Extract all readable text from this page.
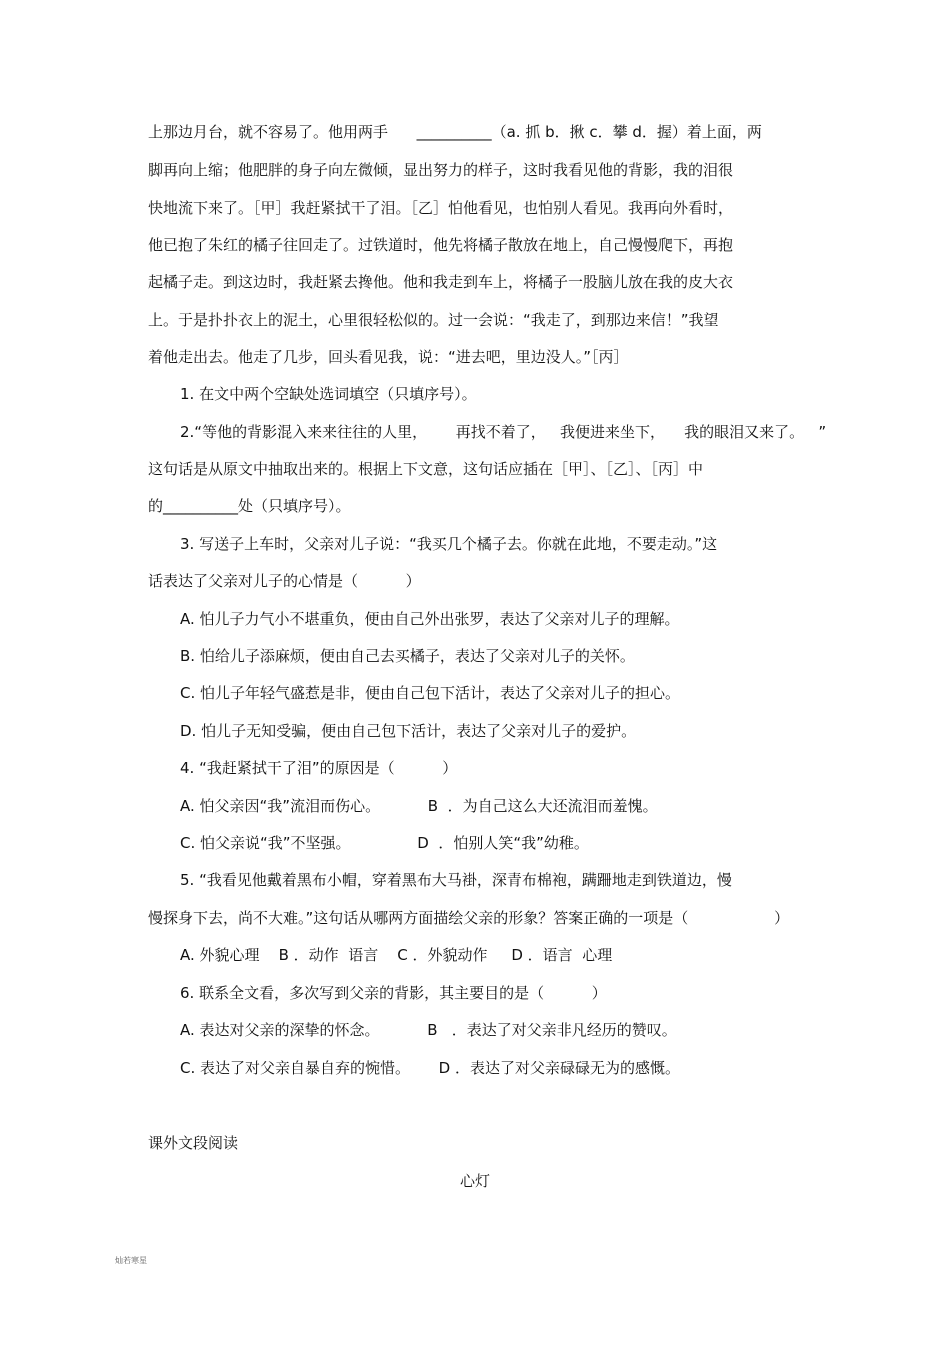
上那边月台，就不容易了。他用两手      __________（a. 抓 b．揪 c．攀 d．握）着上面，两
脚再向上缩；他肥胖的身子向左微倾，显出努力的样子，这时我看见他的背影，我的泪很
快地流下来了。［甲］我赶紧拭干了泪。［乙］怕他看见，也怕别人看见。我再向外看时，
他已抱了朱红的橘子往回走了。过铁道时，他先将橘子散放在地上，自己慢慢爬下，再抱
起橘子走。到这边时，我赶紧去搀他。他和我走到车上，将橘子一股脑儿放在我的皮大衣
上。于是扑扑衣上的泥土，心里很轻松似的。过一会说：“我走了，到那边来信！”我望
着他走出去。他走了几步，回头看见我，说：“进去吧，里边没人。”［丙］
1. 在文中两个空缺处选词填空（只填序号）。
2.“等他的背影混入来来往往的人里，      再找不着了，   我便进来坐下，    我的眼泪又来了。   ”
这句话是从原文中抽取出来的。根据上下文意，这句话应插在［甲］、［乙］、［丙］中
的__________处（只填序号）。
3. 写送子上车时，父亲对儿子说：“我买几个橘子去。你就在此地，不要走动。”这
话表达了父亲对儿子的心情是（          ）
A. 怕儿子力气小不堪重负，便由自己外出张罗，表达了父亲对儿子的理解。
B. 怕给儿子添麻烦，便由自己去买橘子，表达了父亲对儿子的关怀。
C. 怕儿子年轻气盛惹是非，便由自己包下活计，表达了父亲对儿子的担心。
D. 怕儿子无知受骗，便由自己包下活计，表达了父亲对儿子的爱护。
4. “我赶紧拭干了泪”的原因是（          ）
A. 怕父亲因“我”流泪而伤心。          B  ．为自己这么大还流泪而羞愧。
C. 怕父亲说“我”不坚强。              D  ．怕别人笑“我”幼稚。
5. “我看见他戴着黑布小帽，穿着黑布大马褂，深青布棉袍，蹒跚地走到铁道边，慢
慢探身下去，尚不大难。”这句话从哪两方面描绘父亲的形象？答案正确的一项是（                  ）
A. 外貌心理    B ．动作  语言    C ．外貌动作     D ．语言  心理
6. 联系全文看，多次写到父亲的背影，其主要目的是（          ）
A. 表达对父亲的深挚的怀念。          B   ．表达了对父亲非凡经历的赞叹。
C. 表达了对父亲自暴自弃的惋惜。      D ．表达了对父亲碌碌无为的感慨。
课外文段阅读
心灯
灿若寒星
